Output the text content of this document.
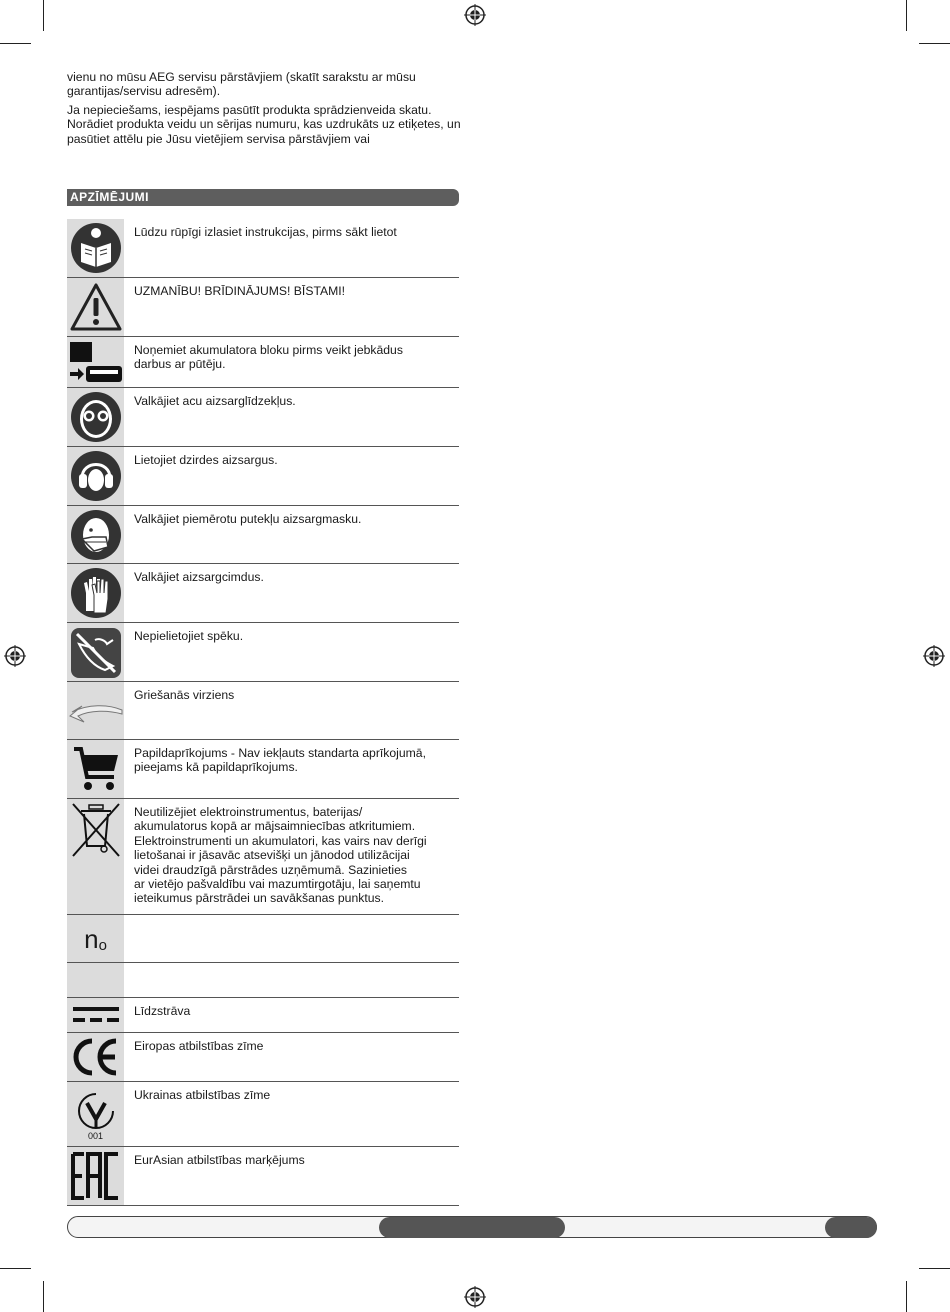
vienu no mūsu AEG servisu pārstāvjiem (skatīt sarakstu ar mūsu garantijas/servisu adresēm).

Ja nepieciešams, iespējams pasūtīt produkta sprādzienveida skatu. Norādiet produkta veidu un sērijas numuru, kas uzdrukāts uz etiķetes, un pasūtiet attēlu pie Jūsu vietējiem servisa pārstāvjiem vai

APZĪMĒJUMI
Lūdzu rūpīgi izlasiet instrukcijas, pirms sākt lietot
UZMANĪBU! BRĪDINĀJUMS! BĪSTAMI!
Noņemiet akumulatora bloku pirms veikt jebkādus
darbus ar pūtēju.
Valkājiet acu aizsarglīdzekļus.
Lietojiet dzirdes aizsargus.
Valkājiet piemērotu putekļu aizsargmasku.
Valkājiet aizsargcimdus.
Nepielietojiet spēku.
Griešanās virziens
Papildaprīkojums - Nav iekļauts standarta aprīkojumā,
pieejams kā papildaprīkojums.
Neutilizējiet elektroinstrumentus, baterijas/
akumulatorus kopā ar mājsaimniecības atkritumiem.
Elektroinstrumenti un akumulatori, kas vairs nav derīgi
lietošanai ir jāsavāc atsevišķi un jānodod utilizācijai
videi draudzīgā pārstrādes uzņēmumā. Sazinieties
ar vietējo pašvaldību vai mazumtirgotāju, lai saņemtu
ieteikumus pārstrādei un savākšanas punktus.
n o
Līdzstrāva
Eiropas atbilstības zīme
001
Ukrainas atbilstības zīme
EurAsian atbilstības marķējums
